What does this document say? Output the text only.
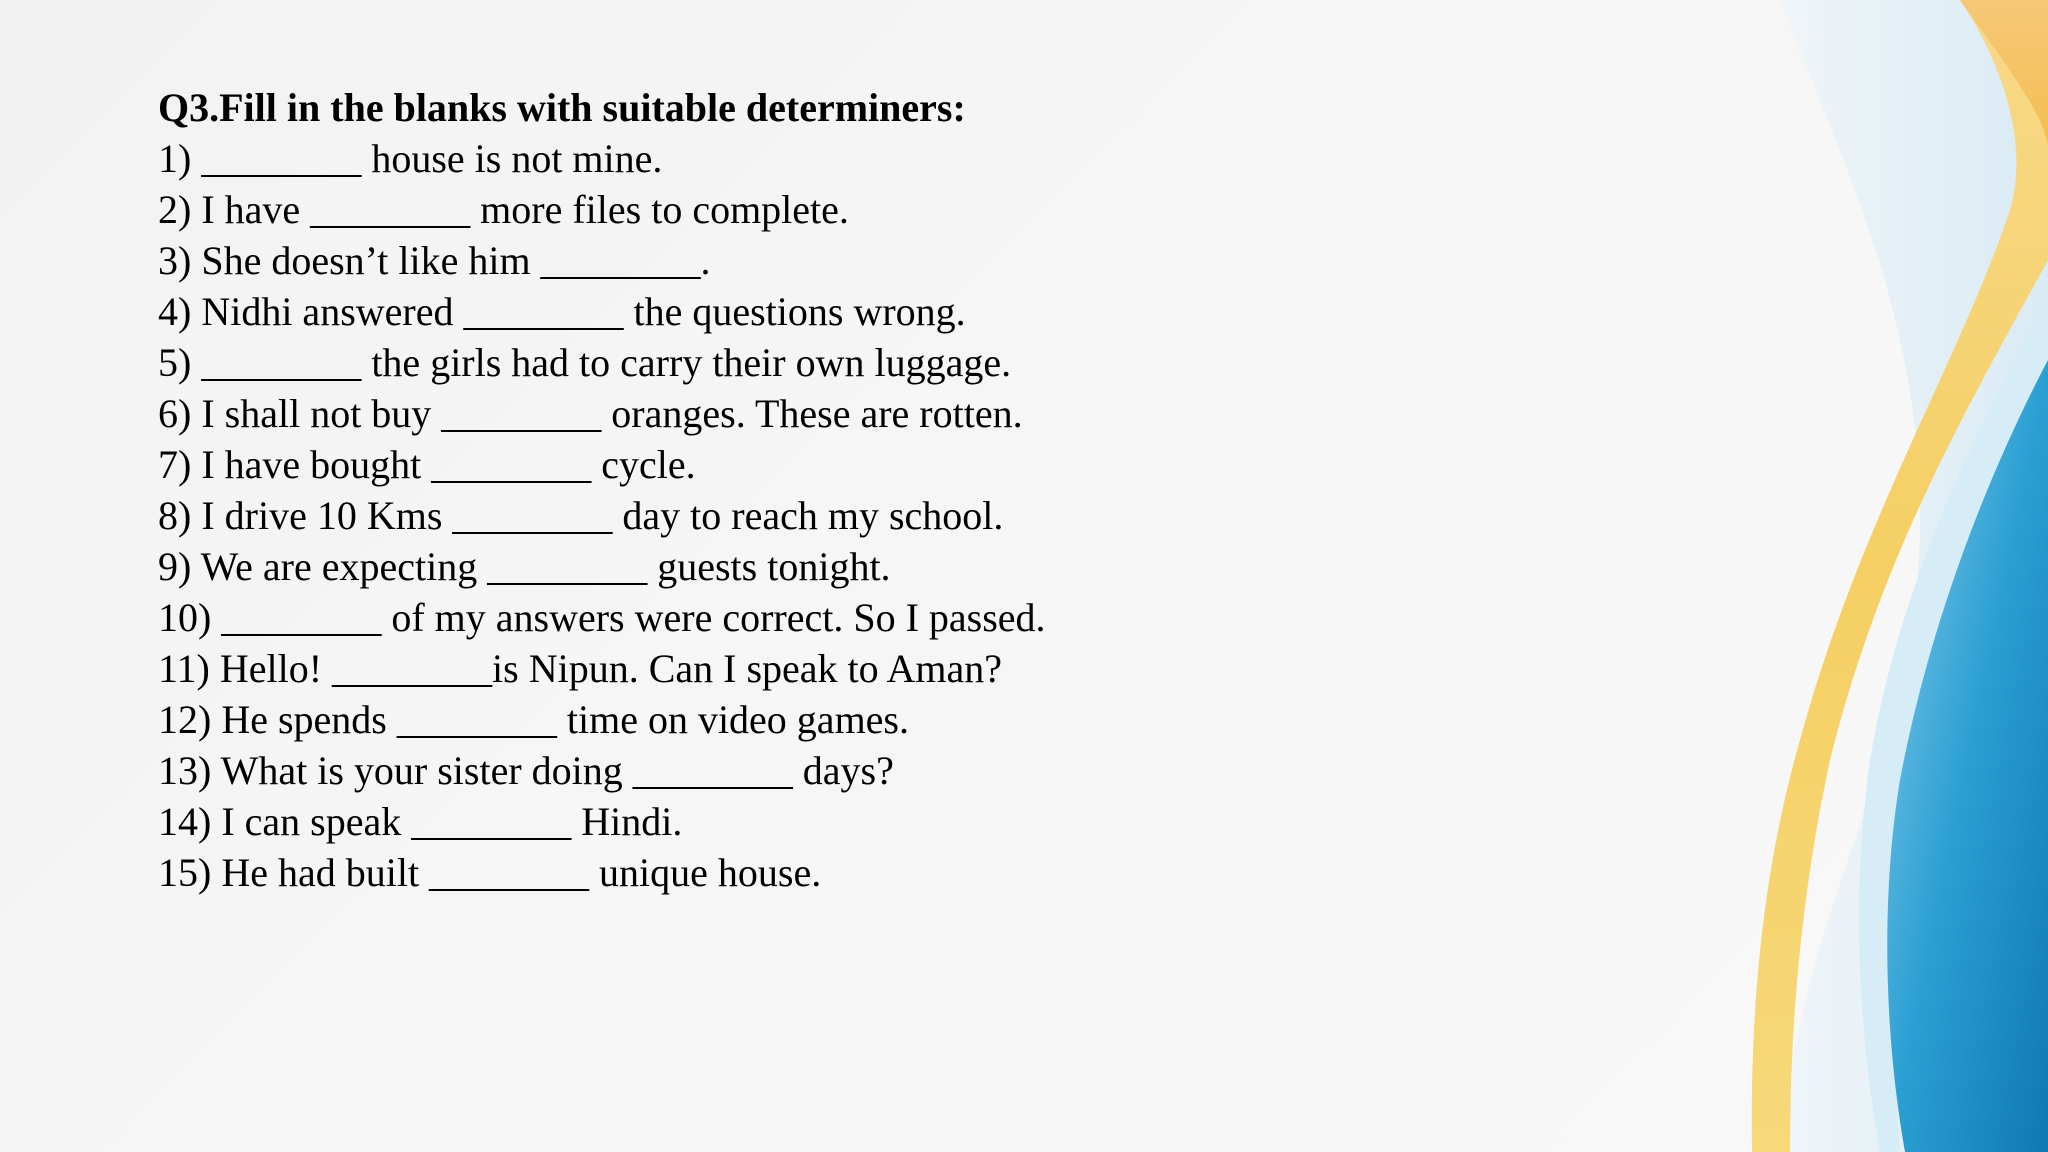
Q3.Fill in the blanks with suitable determiners:

1) ________ house is not mine.

2) I have ________ more files to complete.

3) She doesn’t like him ________.

4) Nidhi answered ________ the questions wrong.

5) ________ the girls had to carry their own luggage.

6) I shall not buy ________ oranges. These are rotten.

7) I have bought ________ cycle.

8) I drive 10 Kms ________ day to reach my school.

9) We are expecting ________ guests tonight.

10) ________ of my answers were correct. So I passed.

11) Hello! ________is Nipun. Can I speak to Aman?

12) He spends ________ time on video games.

13) What is your sister doing ________ days?

14) I can speak ________ Hindi.

15) He had built ________ unique house.
